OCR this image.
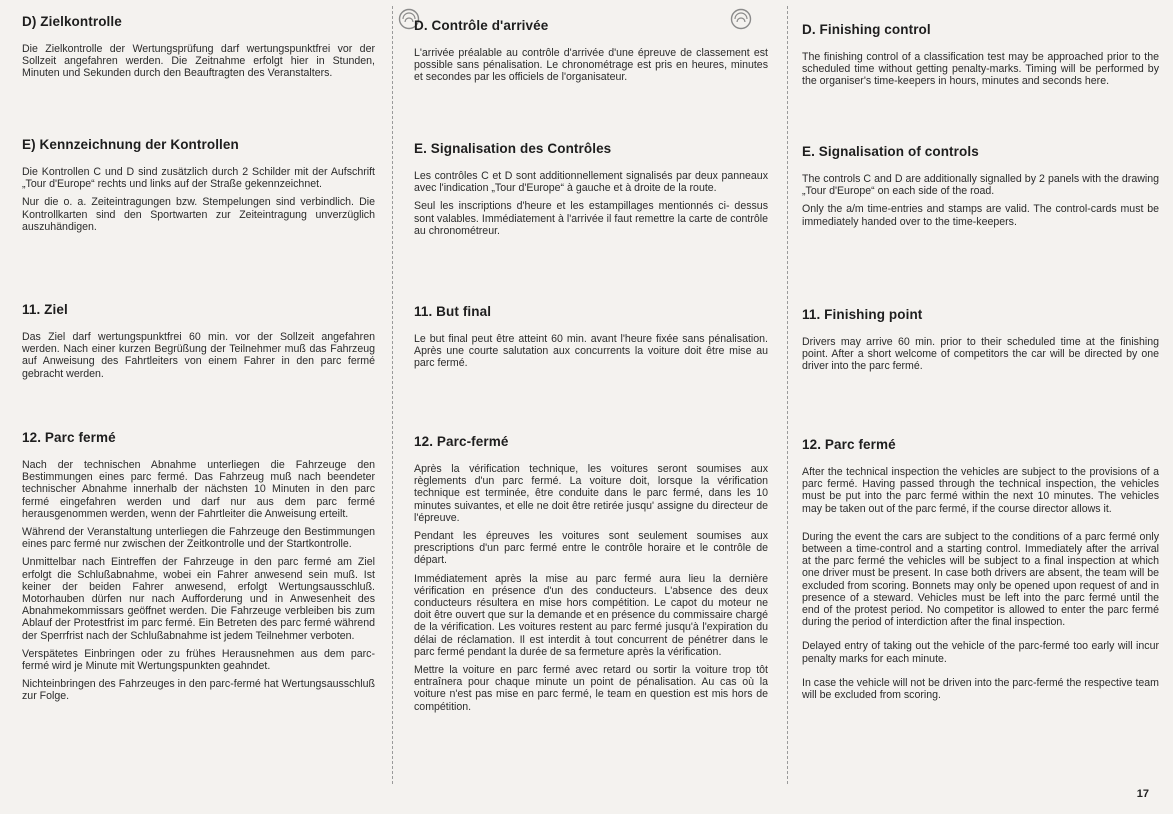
D) Zielkontrolle

Die Zielkontrolle der Wertungsprüfung darf wertungspunktfrei vor der Sollzeit angefahren werden. Die Zeitnahme erfolgt hier in Stunden, Minuten und Sekunden durch den Beauftragten des Veranstalters.

E) Kennzeichnung der Kontrollen

Die Kontrollen C und D sind zusätzlich durch 2 Schilder mit der Aufschrift „Tour d'Europe“ rechts und links auf der Straße gekennzeichnet.

Nur die o. a. Zeiteintragungen bzw. Stempelungen sind verbindlich. Die Kontrollkarten sind den Sportwarten zur Zeiteintragung unverzüglich auszuhändigen.

11. Ziel

Das Ziel darf wertungspunktfrei 60 min. vor der Sollzeit angefahren werden. Nach einer kurzen Begrüßung der Teilnehmer muß das Fahrzeug auf Anweisung des Fahrtleiters von einem Fahrer in den parc fermé gebracht werden.

12. Parc fermé

Nach der technischen Abnahme unterliegen die Fahrzeuge den Bestimmungen eines parc fermé. Das Fahrzeug muß nach beendeter technischer Abnahme innerhalb der nächsten 10 Minuten in den parc fermé eingefahren werden und darf nur aus dem parc fermé herausgenommen werden, wenn der Fahrtleiter die Anweisung erteilt.

Während der Veranstaltung unterliegen die Fahrzeuge den Bestimmungen eines parc fermé nur zwischen der Zeitkontrolle und der Startkontrolle.

Unmittelbar nach Eintreffen der Fahrzeuge in den parc fermé am Ziel erfolgt die Schlußabnahme, wobei ein Fahrer anwesend sein muß. Ist keiner der beiden Fahrer anwesend, erfolgt Wertungsausschluß. Motorhauben dürfen nur nach Aufforderung und in Anwesenheit des Abnahmekommissars geöffnet werden. Die Fahrzeuge verbleiben bis zum Ablauf der Protestfrist im parc fermé. Ein Betreten des parc fermé während der Sperrfrist nach der Schlußabnahme ist jedem Teilnehmer verboten.

Verspätetes Einbringen oder zu frühes Herausnehmen aus dem parc-fermé wird je Minute mit Wertungspunkten geahndet.

Nichteinbringen des Fahrzeuges in den parc-fermé hat Wertungsausschluß zur Folge.

D. Contrôle d'arrivée

L'arrivée préalable au contrôle d'arrivée d'une épreuve de classement est possible sans pénalisation. Le chronométrage est pris en heures, minutes et secondes par les officiels de l'organisateur.

E. Signalisation des Contrôles

Les contrôles C et D sont additionnellement signalisés par deux panneaux avec l'indication „Tour d'Europe“ à gauche et à droite de la route.

Seul les inscriptions d'heure et les estampillages mentionnés ci- dessus sont valables. Immédiatement à l'arrivée il faut remettre la carte de contrôle au chronométreur.

11. But final

Le but final peut être atteint 60 min. avant l'heure fixée sans pénalisation. Après une courte salutation aux concurrents la voiture doit être mise au parc fermé.

12. Parc-fermé

Après la vérification technique, les voitures seront soumises aux règlements d'un parc fermé. La voiture doit, lorsque la vérification technique est terminée, être conduite dans le parc fermé, dans les 10 minutes suivantes, et elle ne doit être retirée jusqu' assigne du directeur de l'épreuve.

Pendant les épreuves les voitures sont seulement soumises aux prescriptions d'un parc fermé entre le contrôle horaire et le contrôle de départ.

Immédiatement après la mise au parc fermé aura lieu la dernière vérification en présence d'un des conducteurs. L'absence des deux conducteurs résultera en mise hors compétition. Le capot du moteur ne doit être ouvert que sur la demande et en présence du commissaire chargé de la vérification. Les voitures restent au parc fermé jusqu'à l'expiration du délai de réclamation. Il est interdit à tout concurrent de pénétrer dans le parc fermé pendant la durée de sa fermeture après la vérification.

Mettre la voiture en parc fermé avec retard ou sortir la voiture trop tôt entraînera pour chaque minute un point de pénalisation. Au cas où la voiture n'est pas mise en parc fermé, le team en question est mis hors de compétition.

D. Finishing control

The finishing control of a classification test may be approached prior to the scheduled time without getting penalty-marks. Timing will be performed by the organiser's time-keepers in hours, minutes and seconds here.

E. Signalisation of controls

The controls C and D are additionally signalled by 2 panels with the drawing „Tour d'Europe“ on each side of the road.

Only the a/m time-entries and stamps are valid. The control-cards must be immediately handed over to the time-keepers.

11. Finishing point

Drivers may arrive 60 min. prior to their scheduled time at the finishing point. After a short welcome of competitors the car will be directed by one driver into the parc fermé.

12. Parc fermé

After the technical inspection the vehicles are subject to the provisions of a parc fermé. Having passed through the technical inspection, the vehicles must be put into the parc fermé within the next 10 minutes. The vehicles may be taken out of the parc fermé, if the course director allows it.

During the event the cars are subject to the conditions of a parc fermé only between a time-control and a starting control. Immediately after the arrival at the parc fermé the vehicles will be subject to a final inspection at which one driver must be present. In case both drivers are absent, the team will be excluded from scoring. Bonnets may only be opened upon request of and in presence of a steward. Vehicles must be left into the parc fermé until the end of the protest period. No competitor is allowed to enter the parc fermé during the period of interdiction after the final inspection.

Delayed entry of taking out the vehicle of the parc-fermé too early will incur penalty marks for each minute.

In case the vehicle will not be driven into the parc-fermé the respective team will be excluded from scoring.

17
